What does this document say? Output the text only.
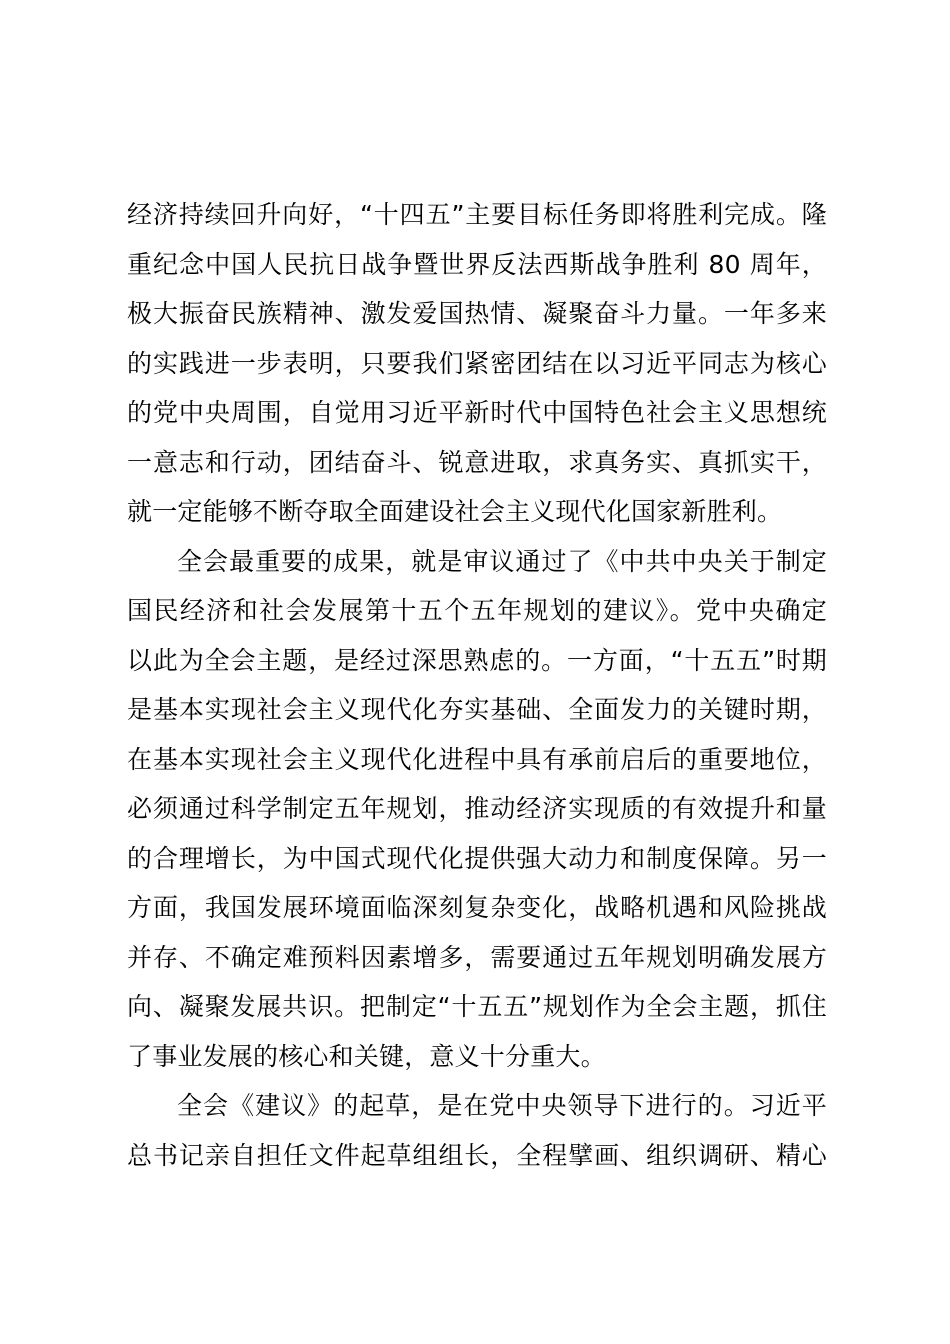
经济持续回升向好，“十四五”主要目标任务即将胜利完成。隆
重纪念中国人民抗日战争暨世界反法西斯战争胜利 80 周年，
极大振奋民族精神、激发爱国热情、凝聚奋斗力量。一年多来
的实践进一步表明，只要我们紧密团结在以习近平同志为核心
的党中央周围，自觉用习近平新时代中国特色社会主义思想统
一意志和行动，团结奋斗、锐意进取，求真务实、真抓实干，
就一定能够不断夺取全面建设社会主义现代化国家新胜利。
全会最重要的成果，就是审议通过了《中共中央关于制定
国民经济和社会发展第十五个五年规划的建议》。党中央确定
以此为全会主题，是经过深思熟虑的。一方面，“十五五”时期
是基本实现社会主义现代化夯实基础、全面发力的关键时期，
在基本实现社会主义现代化进程中具有承前启后的重要地位，
必须通过科学制定五年规划，推动经济实现质的有效提升和量
的合理增长，为中国式现代化提供强大动力和制度保障。另一
方面，我国发展环境面临深刻复杂变化，战略机遇和风险挑战
并存、不确定难预料因素增多，需要通过五年规划明确发展方
向、凝聚发展共识。把制定“十五五”规划作为全会主题，抓住
了事业发展的核心和关键，意义十分重大。
全会《建议》的起草，是在党中央领导下进行的。习近平
总书记亲自担任文件起草组组长，全程擘画、组织调研、精心
